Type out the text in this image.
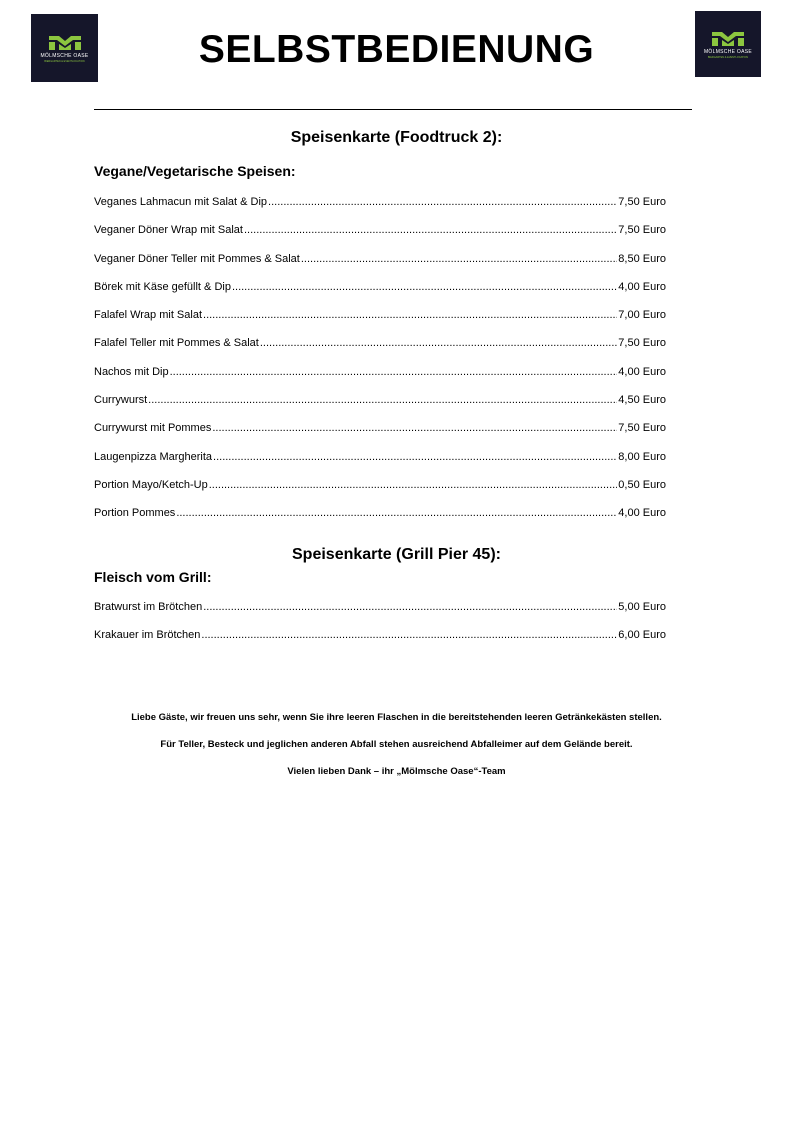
MÖLMSCHE OASE
BIERGARTEN & EVENTLOCATION	SELBSTBEDIENUNG	MÖLMSCHE OASE
BIERGARTEN & EVENTLOCATION
Speisenkarte (Foodtruck 2):
Vegane/Vegetarische Speisen:
Veganes Lahmacun mit Salat & Dip .....	7,50 Euro
Veganer Döner Wrap mit Salat .....	7,50 Euro
Veganer Döner Teller mit Pommes & Salat .....	8,50 Euro
Börek mit Käse gefüllt & Dip .....	4,00 Euro
Falafel Wrap mit Salat .....	7,00 Euro
Falafel Teller mit Pommes & Salat .....	7,50 Euro
Nachos mit Dip .....	4,00 Euro
Currywurst .....	4,50 Euro
Currywurst mit Pommes .....	7,50 Euro
Laugenpizza Margherita .....	8,00 Euro
Portion Mayo/Ketch-Up .....	0,50 Euro
Portion Pommes .....	4,00 Euro
Speisenkarte (Grill Pier 45):
Fleisch vom Grill:
Bratwurst im Brötchen .....	5,00 Euro
Krakauer im Brötchen .....	6,00 Euro

Liebe Gäste, wir freuen uns sehr, wenn Sie ihre leeren Flaschen in die bereitstehenden leeren Getränkekästen stellen.

Für Teller, Besteck und jeglichen anderen Abfall stehen ausreichend Abfalleimer auf dem Gelände bereit.

Vielen lieben Dank – ihr „Mölmsche Oase“-Team
